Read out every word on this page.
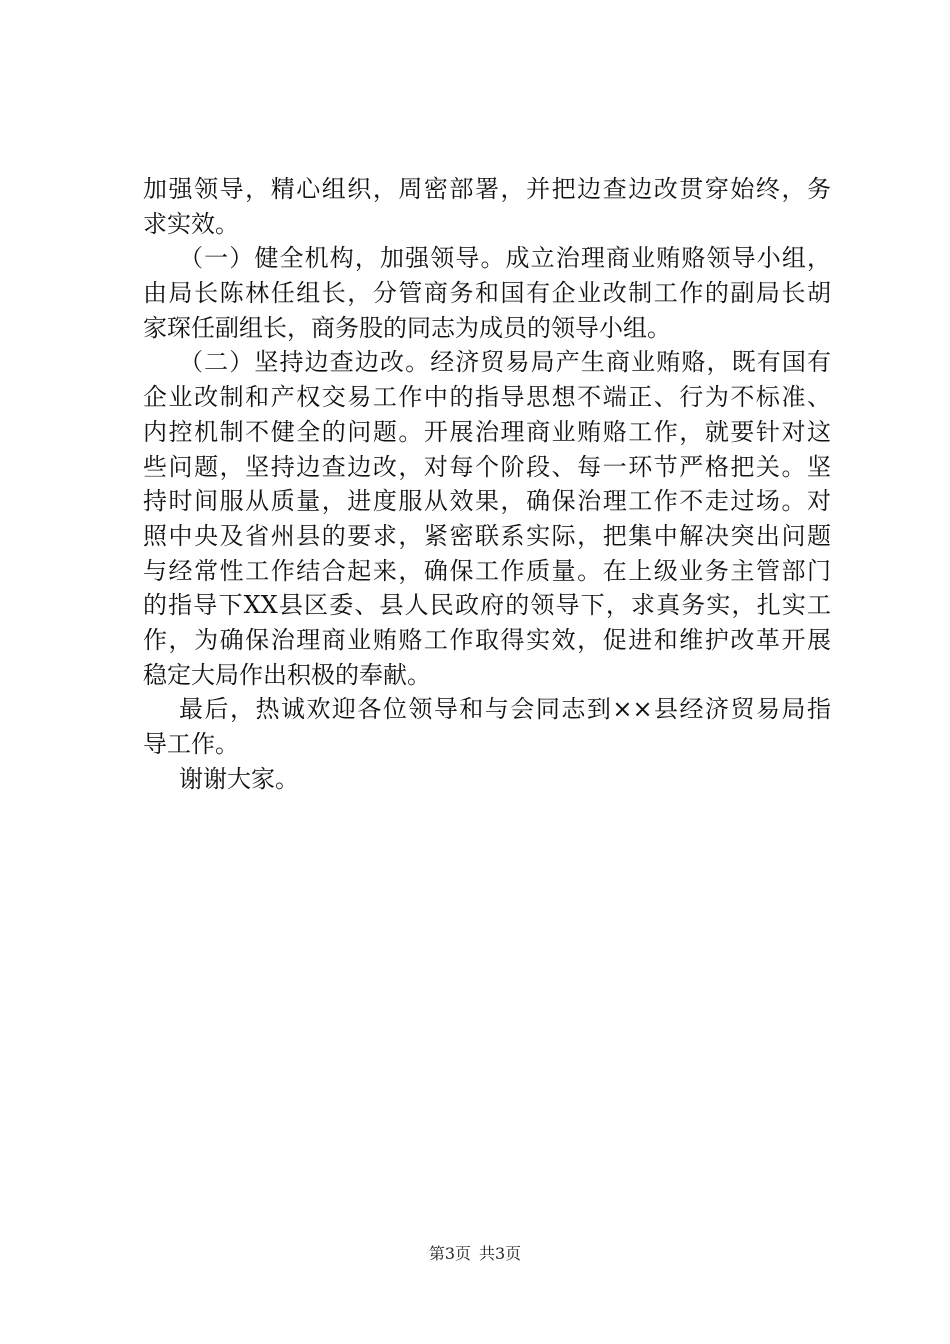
加强领导，精心组织，周密部署，并把边查边改贯穿始终，务
求实效。
（一）健全机构，加强领导。成立治理商业贿赂领导小组，
由局长陈林任组长，分管商务和国有企业改制工作的副局长胡
家琛任副组长，商务股的同志为成员的领导小组。
（二）坚持边查边改。经济贸易局产生商业贿赂，既有国有
企业改制和产权交易工作中的指导思想不端正、行为不标准、
内控机制不健全的问题。开展治理商业贿赂工作，就要针对这
些问题，坚持边查边改，对每个阶段、每一环节严格把关。坚
持时间服从质量，进度服从效果，确保治理工作不走过场。对
照中央及省州县的要求，紧密联系实际，把集中解决突出问题
与经常性工作结合起来，确保工作质量。在上级业务主管部门
的指导下XX县区委、县人民政府的领导下，求真务实，扎实工
作，为确保治理商业贿赂工作取得实效，促进和维护改革开展
稳定大局作出积极的奉献。
最后，热诚欢迎各位领导和与会同志到××县经济贸易局指
导工作。
谢谢大家。
第3页 共3页
